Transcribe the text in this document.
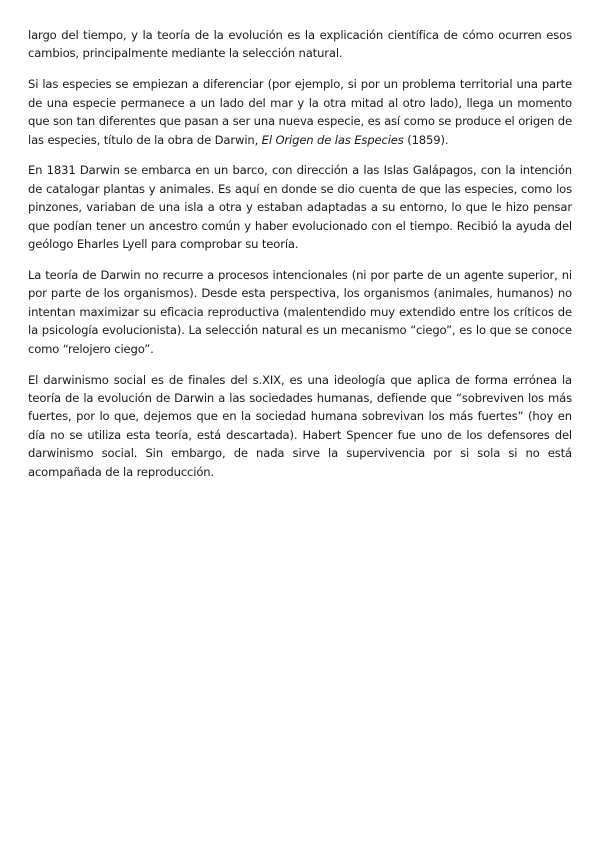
largo del tiempo, y la teoría de la evolución es la explicación científica de cómo ocurren esos cambios, principalmente mediante la selección natural.

Si las especies se empiezan a diferenciar (por ejemplo, si por un problema territorial una parte de una especie permanece a un lado del mar y la otra mitad al otro lado), llega un momento que son tan diferentes que pasan a ser una nueva especie, es así como se produce el origen de las especies, título de la obra de Darwin, El Origen de las Especies (1859).

En 1831 Darwin se embarca en un barco, con dirección a las Islas Galápagos, con la intención de catalogar plantas y animales. Es aquí en donde se dio cuenta de que las especies, como los pinzones, variaban de una isla a otra y estaban adaptadas a su entorno, lo que le hizo pensar que podían tener un ancestro común y haber evolucionado con el tiempo. Recibió la ayuda del geólogo Eharles Lyell para comprobar su teoría.

La teoría de Darwin no recurre a procesos intencionales (ni por parte de un agente superior, ni por parte de los organismos). Desde esta perspectiva, los organismos (animales, humanos) no intentan maximizar su eficacia reproductiva (malentendido muy extendido entre los críticos de la psicología evolucionista). La selección natural es un mecanismo “ciego”, es lo que se conoce como “relojero ciego”.

El darwinismo social es de finales del s.XIX, es una ideología que aplica de forma errónea la teoría de la evolución de Darwin a las sociedades humanas, defiende que “sobreviven los más fuertes, por lo que, dejemos que en la sociedad humana sobrevivan los más fuertes” (hoy en día no se utiliza esta teoría, está descartada). Habert Spencer fue uno de los defensores del darwinismo social. Sin embargo, de nada sirve la supervivencia por si sola si no está acompañada de la reproducción.
